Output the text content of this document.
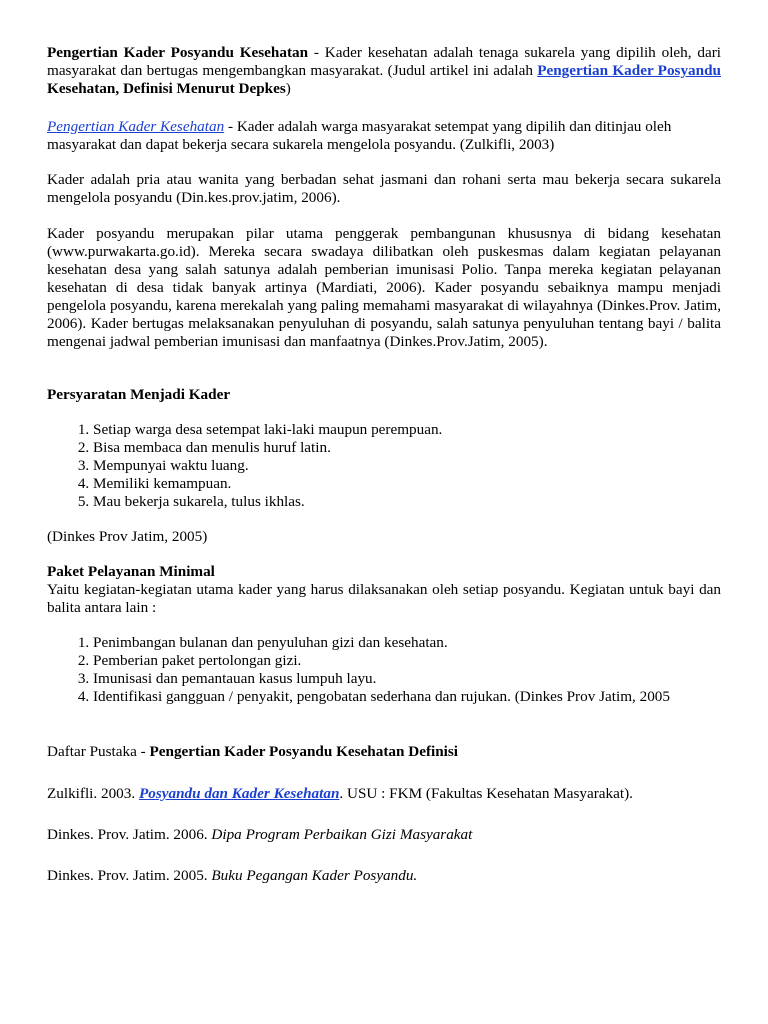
Pengertian Kader Posyandu Kesehatan - Kader kesehatan adalah tenaga sukarela yang dipilih oleh, dari masyarakat dan bertugas mengembangkan masyarakat. (Judul artikel ini adalah Pengertian Kader Posyandu Kesehatan, Definisi Menurut Depkes)

Pengertian Kader Kesehatan - Kader adalah warga masyarakat setempat yang dipilih dan ditinjau oleh masyarakat dan dapat bekerja secara sukarela mengelola posyandu. (Zulkifli, 2003)

Kader adalah pria atau wanita yang berbadan sehat jasmani dan rohani serta mau bekerja secara sukarela mengelola posyandu (Din.kes.prov.jatim, 2006).

Kader posyandu merupakan pilar utama penggerak pembangunan khususnya di bidang kesehatan (www.purwakarta.go.id). Mereka secara swadaya dilibatkan oleh puskesmas dalam kegiatan pelayanan kesehatan desa yang salah satunya adalah pemberian imunisasi Polio. Tanpa mereka kegiatan pelayanan kesehatan di desa tidak banyak artinya (Mardiati, 2006). Kader posyandu sebaiknya mampu menjadi pengelola posyandu, karena merekalah yang paling memahami masyarakat di wilayahnya (Dinkes.Prov. Jatim, 2006). Kader bertugas melaksanakan penyuluhan di posyandu, salah satunya penyuluhan tentang bayi / balita mengenai jadwal pemberian imunisasi dan manfaatnya (Dinkes.Prov.Jatim, 2005).

Persyaratan Menjadi Kader

1. Setiap warga desa setempat laki-laki maupun perempuan.
2. Bisa membaca dan menulis huruf latin.
3. Mempunyai waktu luang.
4. Memiliki kemampuan.
5. Mau bekerja sukarela, tulus ikhlas.

(Dinkes Prov Jatim, 2005)

Paket Pelayanan Minimal

Yaitu kegiatan-kegiatan utama kader yang harus dilaksanakan oleh setiap posyandu. Kegiatan untuk bayi dan balita antara lain :

1. Penimbangan bulanan dan penyuluhan gizi dan kesehatan.
2. Pemberian paket pertolongan gizi.
3. Imunisasi dan pemantauan kasus lumpuh layu.
4. Identifikasi gangguan / penyakit, pengobatan sederhana dan rujukan. (Dinkes Prov Jatim, 2005

Daftar Pustaka - Pengertian Kader Posyandu Kesehatan Definisi

Zulkifli. 2003. Posyandu dan Kader Kesehatan. USU : FKM (Fakultas Kesehatan Masyarakat).

Dinkes. Prov. Jatim. 2006. Dipa Program Perbaikan Gizi Masyarakat

Dinkes. Prov. Jatim. 2005. Buku Pegangan Kader Posyandu.
